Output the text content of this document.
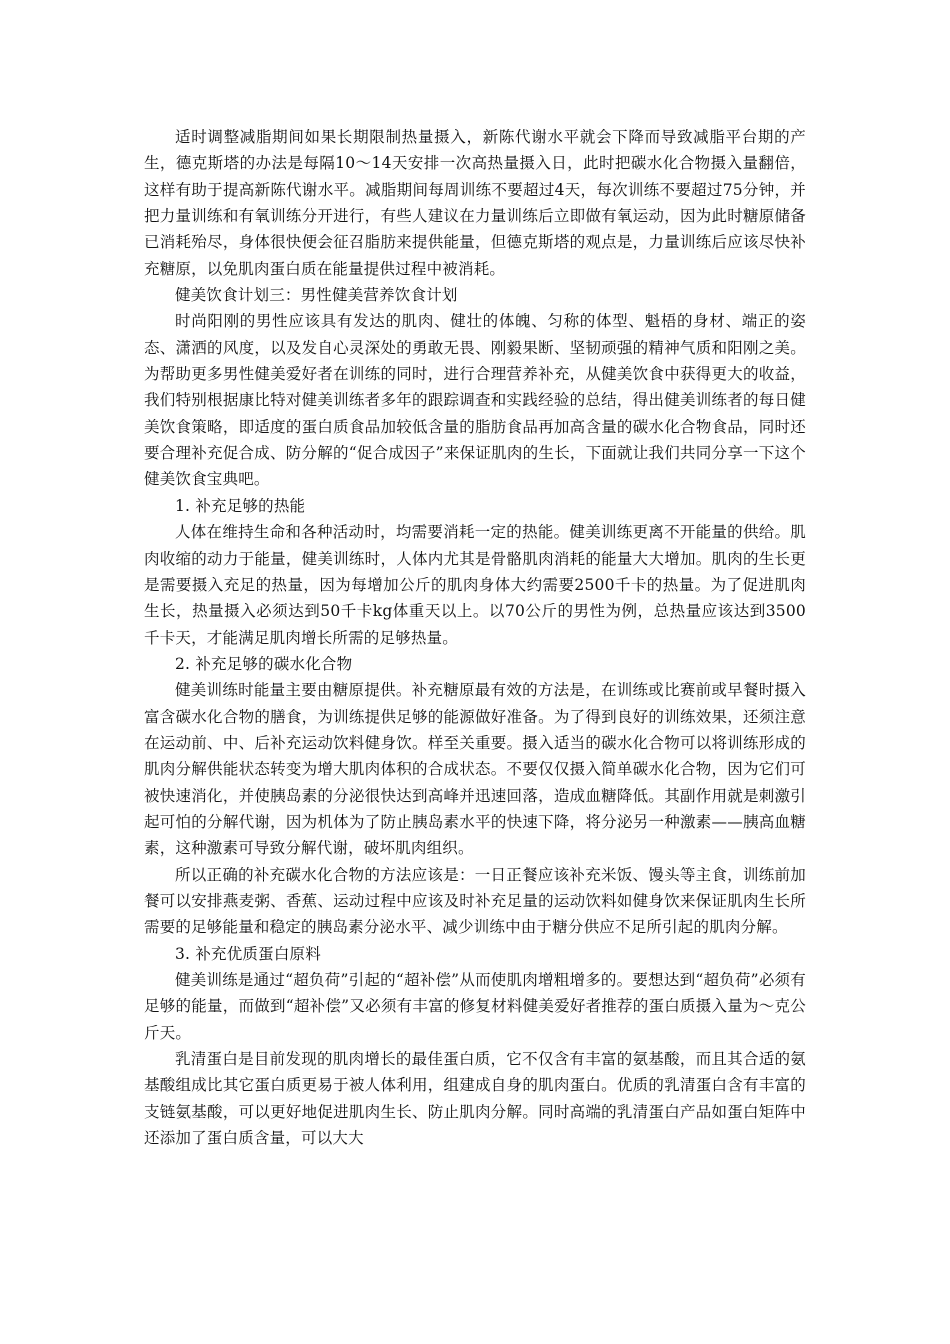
适时调整减脂期间如果长期限制热量摄入，新陈代谢水平就会下降而导致减脂平台期的产生，德克斯塔的办法是每隔10～14天安排一次高热量摄入日，此时把碳水化合物摄入量翻倍，这样有助于提高新陈代谢水平。减脂期间每周训练不要超过4天，每次训练不要超过75分钟，并把力量训练和有氧训练分开进行，有些人建议在力量训练后立即做有氧运动，因为此时糖原储备已消耗殆尽，身体很快便会征召脂肪来提供能量，但德克斯塔的观点是，力量训练后应该尽快补充糖原，以免肌肉蛋白质在能量提供过程中被消耗。

健美饮食计划三：男性健美营养饮食计划

时尚阳刚的男性应该具有发达的肌肉、健壮的体魄、匀称的体型、魁梧的身材、端正的姿态、潇洒的风度，以及发自心灵深处的勇敢无畏、刚毅果断、坚韧顽强的精神气质和阳刚之美。为帮助更多男性健美爱好者在训练的同时，进行合理营养补充，从健美饮食中获得更大的收益，我们特别根据康比特对健美训练者多年的跟踪调查和实践经验的总结，得出健美训练者的每日健美饮食策略，即适度的蛋白质食品加较低含量的脂肪食品再加高含量的碳水化合物食品，同时还要合理补充促合成、防分解的“促合成因子”来保证肌肉的生长，下面就让我们共同分享一下这个健美饮食宝典吧。

1. 补充足够的热能

人体在维持生命和各种活动时，均需要消耗一定的热能。健美训练更离不开能量的供给。肌肉收缩的动力于能量，健美训练时，人体内尤其是骨骼肌肉消耗的能量大大增加。肌肉的生长更是需要摄入充足的热量，因为每增加公斤的肌肉身体大约需要2500千卡的热量。为了促进肌肉生长，热量摄入必须达到50千卡kg体重天以上。以70公斤的男性为例，总热量应该达到3500千卡天，才能满足肌肉增长所需的足够热量。

2. 补充足够的碳水化合物

健美训练时能量主要由糖原提供。补充糖原最有效的方法是，在训练或比赛前或早餐时摄入富含碳水化合物的膳食，为训练提供足够的能源做好准备。为了得到良好的训练效果，还须注意在运动前、中、后补充运动饮料健身饮。样至关重要。摄入适当的碳水化合物可以将训练形成的肌肉分解供能状态转变为增大肌肉体积的合成状态。不要仅仅摄入简单碳水化合物，因为它们可被快速消化，并使胰岛素的分泌很快达到高峰并迅速回落，造成血糖降低。其副作用就是刺激引起可怕的分解代谢，因为机体为了防止胰岛素水平的快速下降，将分泌另一种激素——胰高血糖素，这种激素可导致分解代谢，破坏肌肉组织。

所以正确的补充碳水化合物的方法应该是：一日正餐应该补充米饭、馒头等主食，训练前加餐可以安排燕麦粥、香蕉、运动过程中应该及时补充足量的运动饮料如健身饮来保证肌肉生长所需要的足够能量和稳定的胰岛素分泌水平、减少训练中由于糖分供应不足所引起的肌肉分解。

3. 补充优质蛋白原料

健美训练是通过“超负荷”引起的“超补偿”从而使肌肉增粗增多的。要想达到“超负荷”必须有足够的能量，而做到“超补偿”又必须有丰富的修复材料健美爱好者推荐的蛋白质摄入量为～克公斤天。

乳清蛋白是目前发现的肌肉增长的最佳蛋白质，它不仅含有丰富的氨基酸，而且其合适的氨基酸组成比其它蛋白质更易于被人体利用，组建成自身的肌肉蛋白。优质的乳清蛋白含有丰富的支链氨基酸，可以更好地促进肌肉生长、防止肌肉分解。同时高端的乳清蛋白产品如蛋白矩阵中还添加了蛋白质含量，可以大大
